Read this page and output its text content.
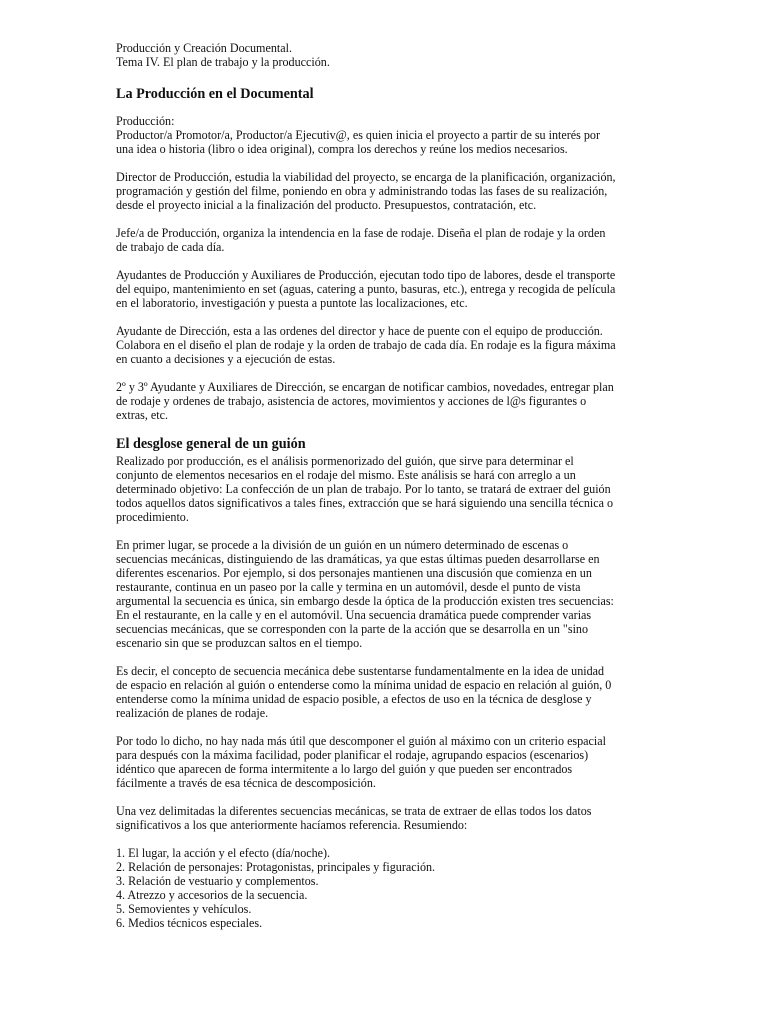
Producción y Creación Documental.
Tema IV. El plan de trabajo y la producción.
La Producción en el Documental

Producción:
Productor/a Promotor/a, Productor/a Ejecutiv@, es quien inicia el proyecto a partir de su interés por
una idea o historia (libro o idea original), compra los derechos y reúne los medios necesarios.

Director de Producción, estudia la viabilidad del proyecto, se encarga de la planificación, organización,
programación y gestión del filme, poniendo en obra y administrando todas las fases de su realización,
desde el proyecto inicial a la finalización del producto. Presupuestos, contratación, etc.

Jefe/a de Producción, organiza la intendencia en la fase de rodaje. Diseña el plan de rodaje y la orden
de trabajo de cada día.

Ayudantes de Producción y Auxiliares de Producción, ejecutan todo tipo de labores, desde el transporte
del equipo, mantenimiento en set (aguas, catering a punto, basuras, etc.), entrega y recogida de película
en el laboratorio, investigación y puesta a puntote las localizaciones, etc.

Ayudante de Dirección, esta a las ordenes del director y hace de puente con el equipo de producción.
Colabora en el diseño el plan de rodaje y la orden de trabajo de cada día. En rodaje es la figura máxima
en cuanto a decisiones y a ejecución de estas.

2º y 3º Ayudante y Auxiliares de Dirección, se encargan de notificar cambios, novedades, entregar plan
de rodaje y ordenes de trabajo, asistencia de actores, movimientos y acciones de l@s figurantes o
extras, etc.

El desglose general de un guión

Realizado por producción, es el análisis pormenorizado del guión, que sirve para determinar el
conjunto de elementos necesarios en el rodaje del mismo. Este análisis se hará con arreglo a un
determinado objetivo: La confección de un plan de trabajo. Por lo tanto, se tratará de extraer del guión
todos aquellos datos significativos a tales fines, extracción que se hará siguiendo una sencilla técnica o
procedimiento.

En primer lugar, se procede a la división de un guión en un número determinado de escenas o
secuencias mecánicas, distinguiendo de las dramáticas, ya que estas últimas pueden desarrollarse en
diferentes escenarios. Por ejemplo, si dos personajes mantienen una discusión que comienza en un
restaurante, continua en un paseo por la calle y termina en un automóvil, desde el punto de vista
argumental la secuencia es única, sin embargo desde la óptica de la producción existen tres secuencias:
En el restaurante, en la calle y en el automóvil. Una secuencia dramática puede comprender varias
secuencias mecánicas, que se corresponden con la parte de la acción que se desarrolla en un "sino
escenario sin que se produzcan saltos en el tiempo.

Es decir, el concepto de secuencia mecánica debe sustentarse fundamentalmente en la idea de unidad
de espacio en relación al guión o entenderse como la mínima unidad de espacio en relación al guión, 0
entenderse como la mínima unidad de espacio posible, a efectos de uso en la técnica de desglose y
realización de planes de rodaje.

Por todo lo dicho, no hay nada más útil que descomponer el guión al máximo con un criterio espacial
para después con la máxima facilidad, poder planificar el rodaje, agrupando espacios (escenarios)
idéntico que aparecen de forma intermitente a lo largo del guión y que pueden ser encontrados
fácilmente a través de esa técnica de descomposición.

Una vez delimitadas la diferentes secuencias mecánicas, se trata de extraer de ellas todos los datos
significativos a los que anteriormente hacíamos referencia. Resumiendo:

1. El lugar, la acción y el efecto (día/noche).
2. Relación de personajes: Protagonistas, principales y figuración.
3. Relación de vestuario y complementos.
4. Atrezzo y accesorios de la secuencia.
5. Semovientes y vehículos.
6. Medios técnicos especiales.
